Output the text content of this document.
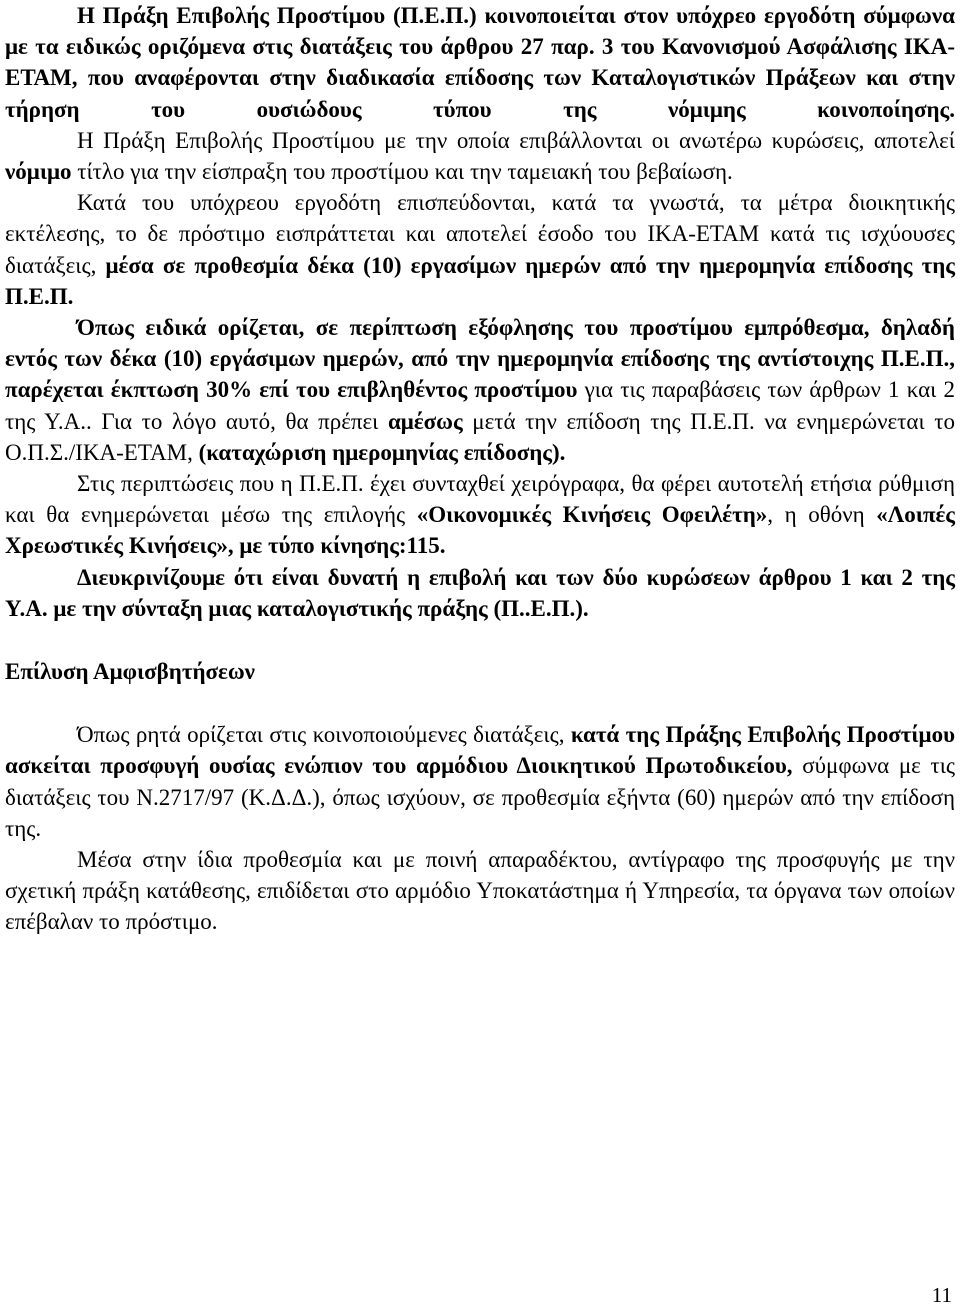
Η Πράξη Επιβολής Προστίμου (Π.Ε.Π.) κοινοποιείται στον υπόχρεο εργοδότη σύμφωνα με τα ειδικώς οριζόμενα στις διατάξεις του άρθρου 27 παρ. 3 του Κανονισμού Ασφάλισης ΙΚΑ-ΕΤΑΜ, που αναφέρονται στην διαδικασία επίδοσης των Καταλογιστικών Πράξεων και στην τήρηση του ουσιώδους τύπου της νόμιμης κοινοποίησης.

Η Πράξη Επιβολής Προστίμου με την οποία επιβάλλονται οι ανωτέρω κυρώσεις, αποτελεί νόμιμο τίτλο για την είσπραξη του προστίμου και την ταμειακή του βεβαίωση.

Κατά του υπόχρεου εργοδότη επισπεύδονται, κατά τα γνωστά, τα μέτρα διοικητικής εκτέλεσης, το δε πρόστιμο εισπράττεται και αποτελεί έσοδο του ΙΚΑ-ΕΤΑΜ κατά τις ισχύουσες διατάξεις, μέσα σε προθεσμία δέκα (10) εργασίμων ημερών από την ημερομηνία επίδοσης της Π.Ε.Π.

Όπως ειδικά ορίζεται, σε περίπτωση εξόφλησης του προστίμου εμπρόθεσμα, δηλαδή εντός των δέκα (10) εργάσιμων ημερών, από την ημερομηνία επίδοσης της αντίστοιχης Π.Ε.Π., παρέχεται έκπτωση 30% επί του επιβληθέντος προστίμου για τις παραβάσεις των άρθρων 1 και 2 της Υ.Α.. Για το λόγο αυτό, θα πρέπει αμέσως μετά την επίδοση της Π.Ε.Π. να ενημερώνεται το Ο.Π.Σ./ΙΚΑ-ΕΤΑΜ, (καταχώριση ημερομηνίας επίδοσης).

Στις περιπτώσεις που η Π.Ε.Π. έχει συνταχθεί χειρόγραφα, θα φέρει αυτοτελή ετήσια ρύθμιση και θα ενημερώνεται μέσω της επιλογής «Οικονομικές Κινήσεις Οφειλέτη», η οθόνη «Λοιπές Χρεωστικές Κινήσεις», με τύπο κίνησης:115.

Διευκρινίζουμε ότι είναι δυνατή η επιβολή και των δύο κυρώσεων άρθρου 1 και 2 της Υ.Α. με την σύνταξη μιας καταλογιστικής πράξης (Π..Ε.Π.).

Επίλυση Αμφισβητήσεων

Όπως ρητά ορίζεται στις κοινοποιούμενες διατάξεις, κατά της Πράξης Επιβολής Προστίμου ασκείται προσφυγή ουσίας ενώπιον του αρμόδιου Διοικητικού Πρωτοδικείου, σύμφωνα με τις διατάξεις του Ν.2717/97 (Κ.Δ.Δ.), όπως ισχύουν, σε προθεσμία εξήντα (60) ημερών από την επίδοση της.

Μέσα στην ίδια προθεσμία και με ποινή απαραδέκτου, αντίγραφο της προσφυγής με την σχετική πράξη κατάθεσης, επιδίδεται στο αρμόδιο Υποκατάστημα ή Υπηρεσία, τα όργανα των οποίων επέβαλαν το πρόστιμο.

11
